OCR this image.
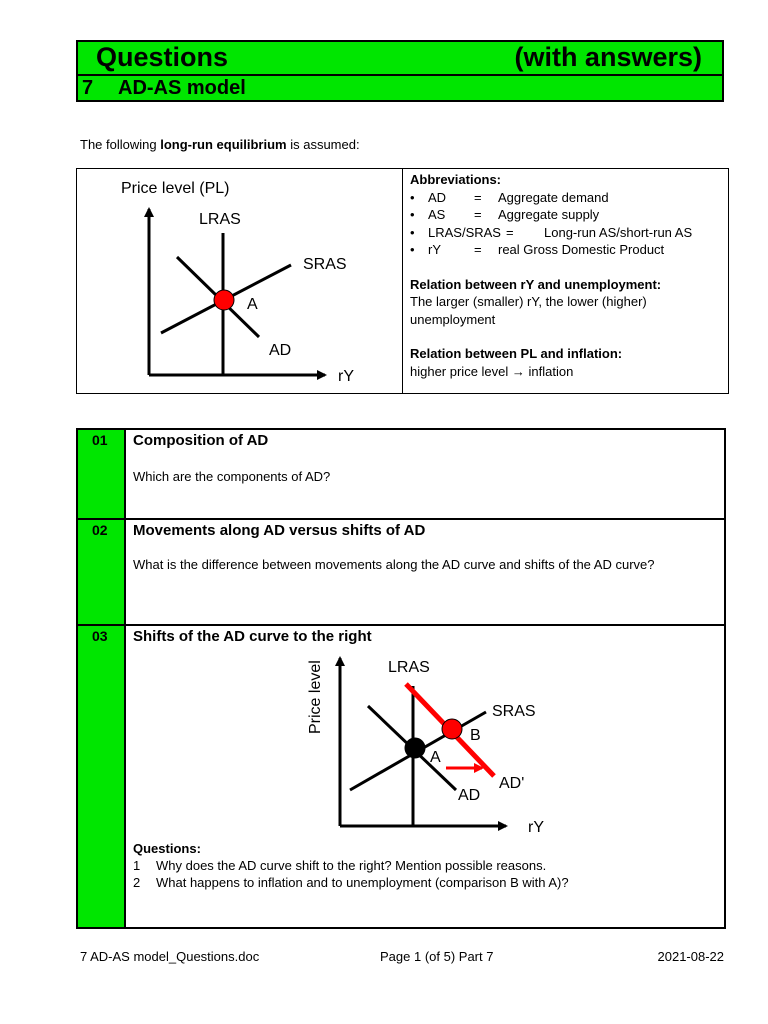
Questions	(with answers)
7 AD-AS model
The following long-run equilibrium is assumed:
Price level (PL)
LRAS
SRAS
A
AD
rY
Abbreviations:
• AD = Aggregate demand
• AS = Aggregate supply
• LRAS/SRAS = Long-run AS/short-run AS
• rY	= real Gross Domestic Product
Relation between rY and unemployment:
The larger (smaller) rY, the lower (higher)
unemployment
Relation between PL and inflation:
higher price level → inflation
01 Composition of AD
Which are the components of AD?
02 Movements along AD versus shifts of AD
What is the difference between movements along the AD curve and shifts of the AD curve?
03 Shifts of the AD curve to the right
Price level	LRAS
SRAS
B
A
AD'
AD
rY
Questions:
1 Why does the AD curve shift to the right? Mention possible reasons.
2 What happens to inflation and to unemployment (comparison B with A)?
7 AD-AS model_Questions.doc	Page 1 (of 5) Part 7	2021-08-22
